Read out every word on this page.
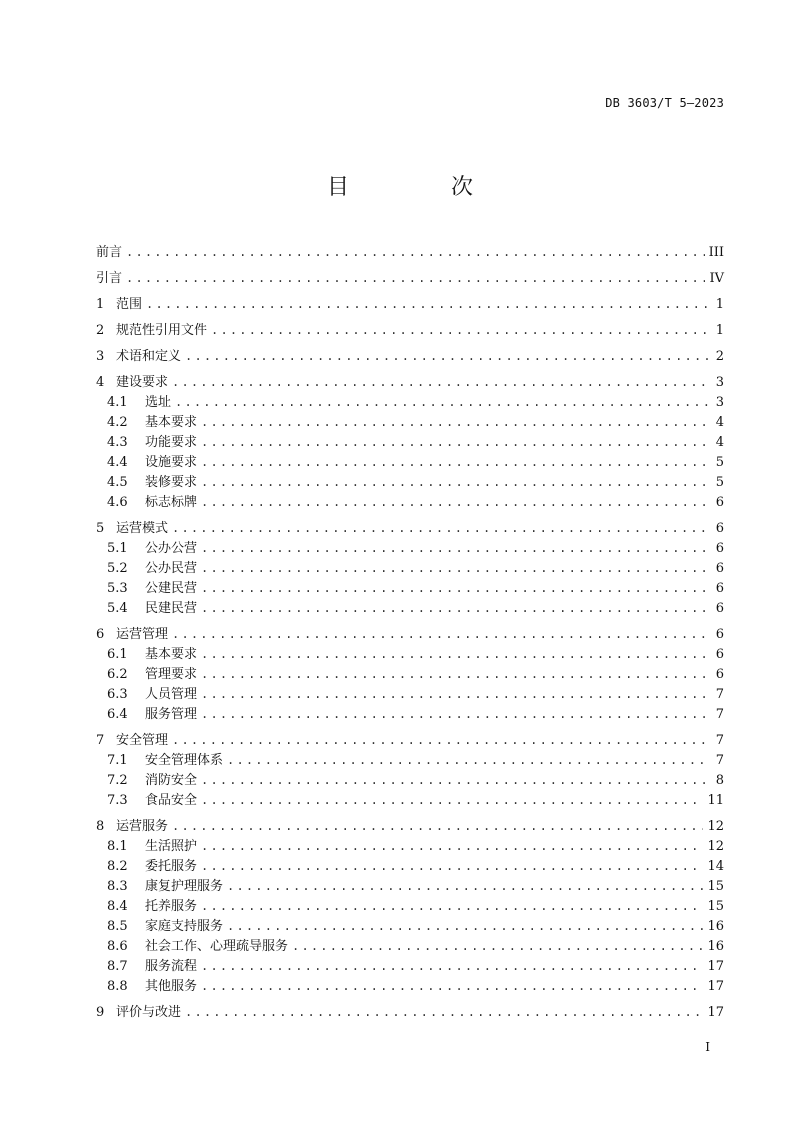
DB 3603/T 5—2023
目　次
前言 .....	III
引言 .....	IV
1 范围 .....	1
2 规范性引用文件 .....	1
3 术语和定义 .....	2
4 建设要求 .....	3
4.1	选址 .....	3
4.2	基本要求 .....	4
4.3	功能要求 .....	4
4.4	设施要求 .....	5
4.5	装修要求 .....	5
4.6	标志标牌 .....	6
5 运营模式 .....	6
5.1	公办公营 .....	6
5.2	公办民营 .....	6
5.3	公建民营 .....	6
5.4	民建民营 .....	6
6 运营管理 .....	6
6.1	基本要求 .....	6
6.2	管理要求 .....	6
6.3	人员管理 .....	7
6.4	服务管理 .....	7
7 安全管理 .....	7
7.1	安全管理体系 .....	7
7.2	消防安全 .....	8
7.3	食品安全 .....	11
8 运营服务 .....	12
8.1	生活照护 .....	12
8.2	委托服务 .....	14
8.3	康复护理服务 .....	15
8.4	托养服务 .....	15
8.5	家庭支持服务 .....	16
8.6	社会工作、心理疏导服务 .....	16
8.7	服务流程 .....	17
8.8	其他服务 .....	17
9 评价与改进 .....	17
I
